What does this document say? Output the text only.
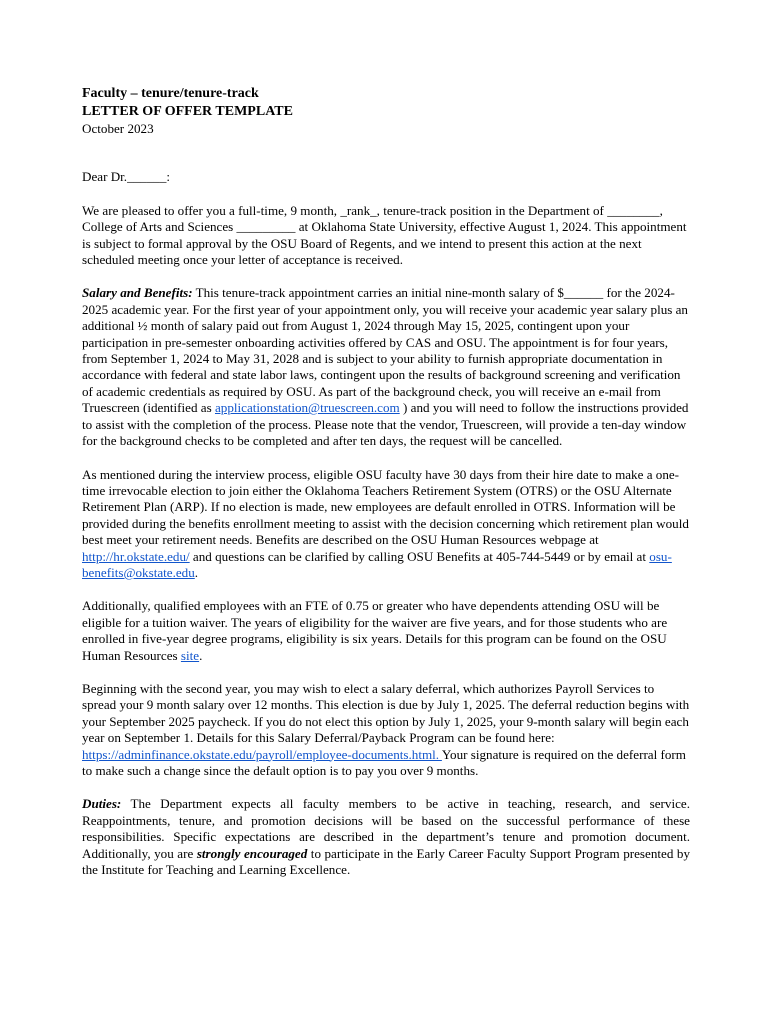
Faculty – tenure/tenure-track
LETTER OF OFFER TEMPLATE
October 2023
Dear Dr.______:

We are pleased to offer you a full-time, 9 month, _rank_, tenure-track position in the Department of ________, College of Arts and Sciences _________ at Oklahoma State University, effective August 1, 2024. This appointment is subject to formal approval by the OSU Board of Regents, and we intend to present this action at the next scheduled meeting once your letter of acceptance is received.

Salary and Benefits: This tenure-track appointment carries an initial nine-month salary of $______ for the 2024-2025 academic year. For the first year of your appointment only, you will receive your academic year salary plus an additional ½ month of salary paid out from August 1, 2024 through May 15, 2025, contingent upon your participation in pre-semester onboarding activities offered by CAS and OSU. The appointment is for four years, from September 1, 2024 to May 31, 2028 and is subject to your ability to furnish appropriate documentation in accordance with federal and state labor laws, contingent upon the results of background screening and verification of academic credentials as required by OSU. As part of the background check, you will receive an e-mail from Truescreen (identified as applicationstation@truescreen.com ) and you will need to follow the instructions provided to assist with the completion of the process. Please note that the vendor, Truescreen, will provide a ten-day window for the background checks to be completed and after ten days, the request will be cancelled.

As mentioned during the interview process, eligible OSU faculty have 30 days from their hire date to make a one-time irrevocable election to join either the Oklahoma Teachers Retirement System (OTRS) or the OSU Alternate Retirement Plan (ARP). If no election is made, new employees are default enrolled in OTRS. Information will be provided during the benefits enrollment meeting to assist with the decision concerning which retirement plan would best meet your retirement needs. Benefits are described on the OSU Human Resources webpage at http://hr.okstate.edu/ and questions can be clarified by calling OSU Benefits at 405-744-5449 or by email at osu-benefits@okstate.edu.

Additionally, qualified employees with an FTE of 0.75 or greater who have dependents attending OSU will be eligible for a tuition waiver. The years of eligibility for the waiver are five years, and for those students who are enrolled in five-year degree programs, eligibility is six years. Details for this program can be found on the OSU Human Resources site.

Beginning with the second year, you may wish to elect a salary deferral, which authorizes Payroll Services to spread your 9 month salary over 12 months. This election is due by July 1, 2025. The deferral reduction begins with your September 2025 paycheck. If you do not elect this option by July 1, 2025, your 9-month salary will begin each year on September 1. Details for this Salary Deferral/Payback Program can be found here: https://adminfinance.okstate.edu/payroll/employee-documents.html. Your signature is required on the deferral form to make such a change since the default option is to pay you over 9 months.

Duties: The Department expects all faculty members to be active in teaching, research, and service. Reappointments, tenure, and promotion decisions will be based on the successful performance of these responsibilities. Specific expectations are described in the department’s tenure and promotion document. Additionally, you are strongly encouraged to participate in the Early Career Faculty Support Program presented by the Institute for Teaching and Learning Excellence.
